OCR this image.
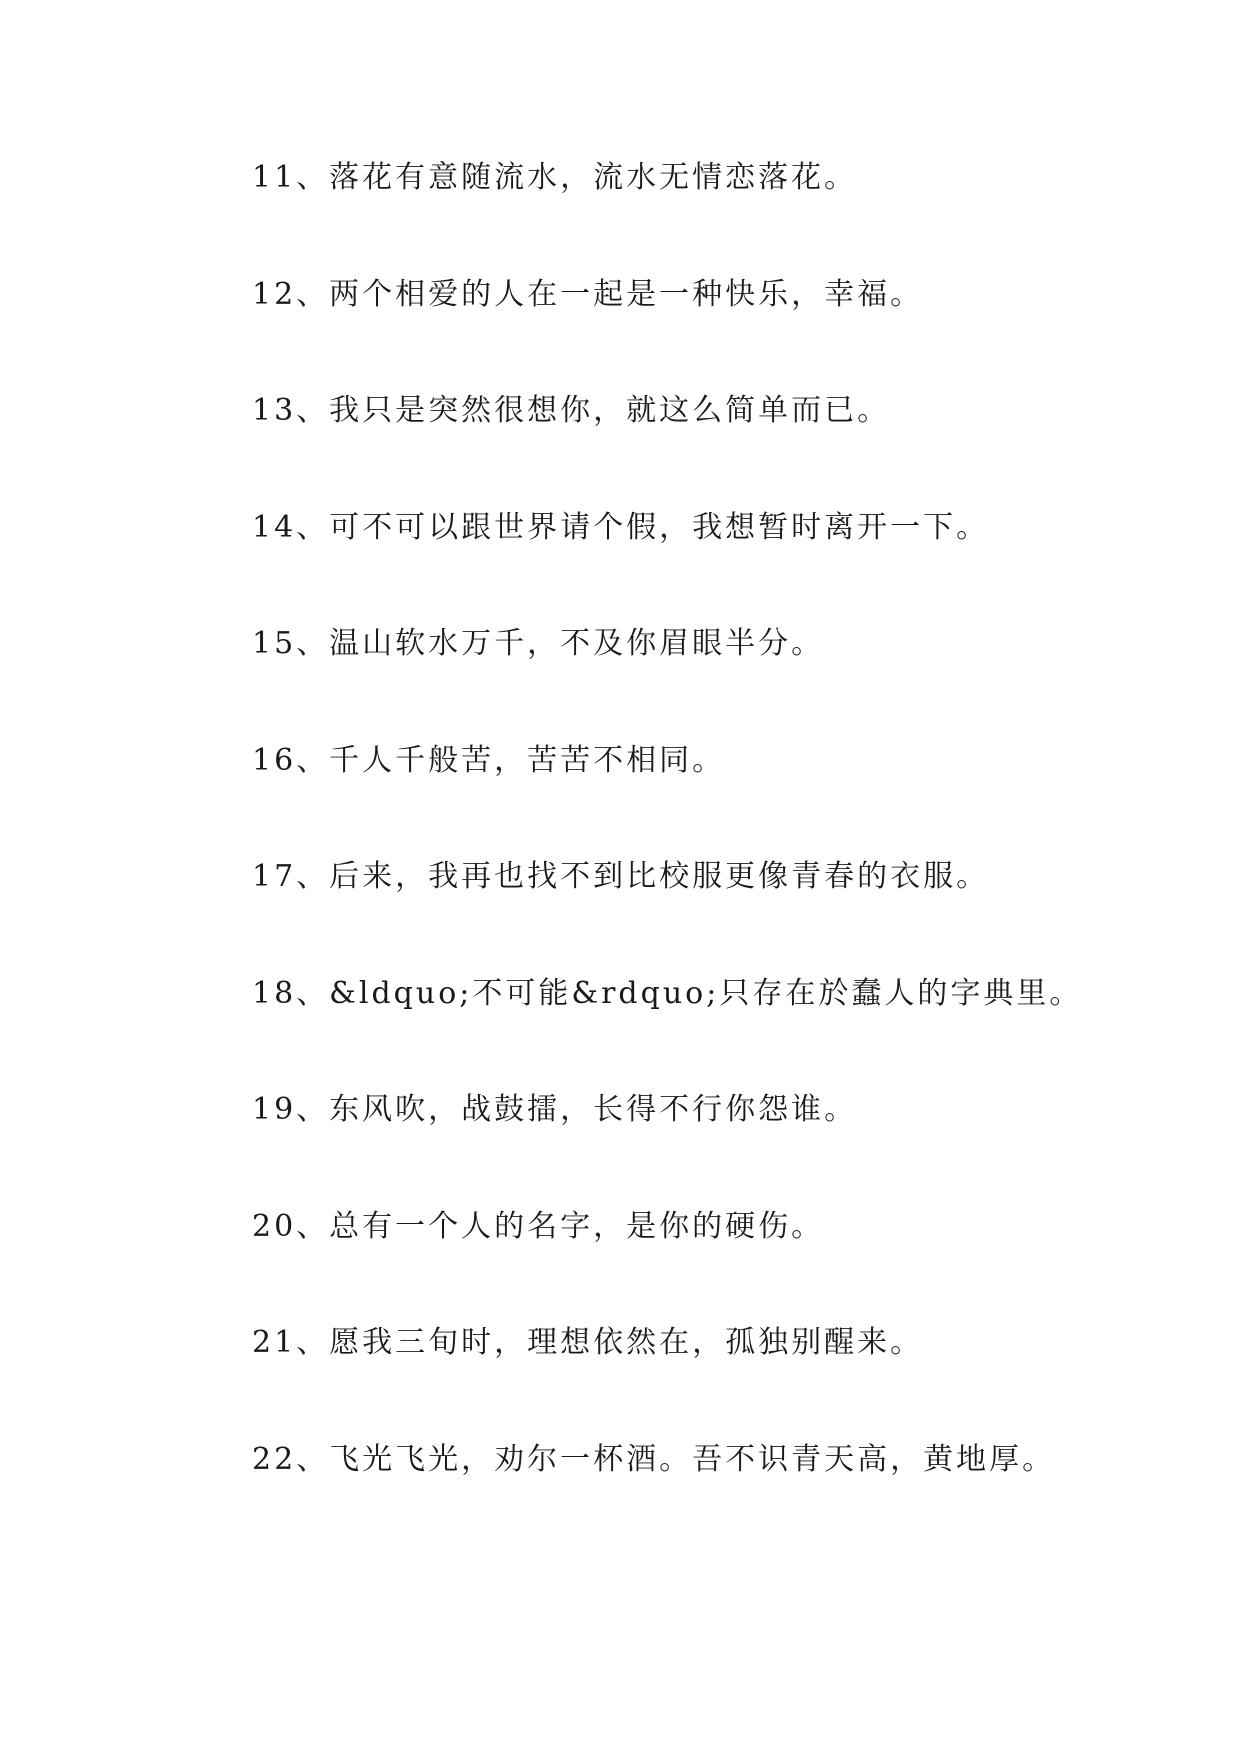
11、落花有意随流水，流水无情恋落花。
12、两个相爱的人在一起是一种快乐，幸福。
13、我只是突然很想你，就这么简单而已。
14、可不可以跟世界请个假，我想暂时离开一下。
15、温山软水万千，不及你眉眼半分。
16、千人千般苦，苦苦不相同。
17、后来，我再也找不到比校服更像青春的衣服。
18、&ldquo;不可能&rdquo;只存在於蠢人的字典里。
19、东风吹，战鼓擂，长得不行你怨谁。
20、总有一个人的名字，是你的硬伤。
21、愿我三旬时，理想依然在，孤独别醒来。
22、飞光飞光，劝尔一杯酒。吾不识青天高，黄地厚。
